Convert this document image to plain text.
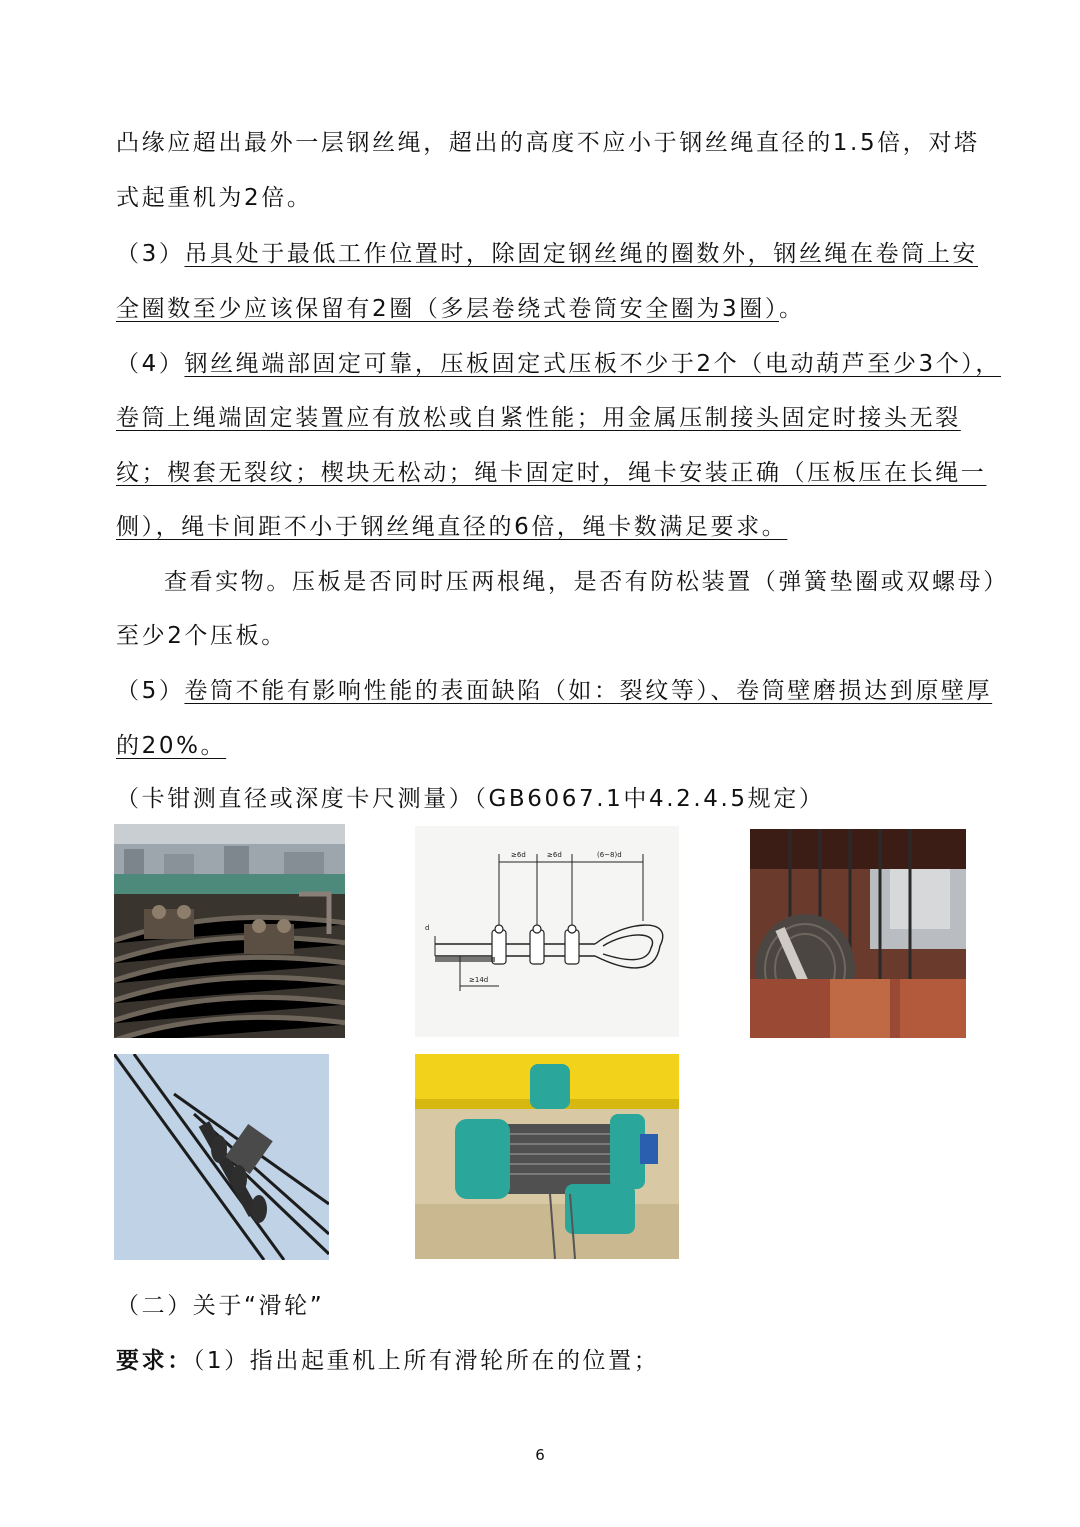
凸缘应超出最外一层钢丝绳，超出的高度不应小于钢丝绳直径的1.5倍，对塔

式起重机为2倍。

（3）吊具处于最低工作位置时，除固定钢丝绳的圈数外，钢丝绳在卷筒上安

全圈数至少应该保留有2圈（多层卷绕式卷筒安全圈为3圈）。

（4）钢丝绳端部固定可靠，压板固定式压板不少于2个（电动葫芦至少3个），

卷筒上绳端固定装置应有放松或自紧性能；用金属压制接头固定时接头无裂

纹；楔套无裂纹；楔块无松动；绳卡固定时，绳卡安装正确（压板压在长绳一

侧），绳卡间距不小于钢丝绳直径的6倍，绳卡数满足要求。

查看实物。压板是否同时压两根绳，是否有防松装置（弹簧垫圈或双螺母）

至少2个压板。

（5）卷筒不能有影响性能的表面缺陷（如：裂纹等）、卷筒壁磨损达到原壁厚

的20%。

（卡钳测直径或深度卡尺测量）（GB6067.1中4.2.4.5规定）

≥6d	≥6d	(6~8)d
≥14d
d

（二）关于“滑轮”

要求：（1）指出起重机上所有滑轮所在的位置；

6
